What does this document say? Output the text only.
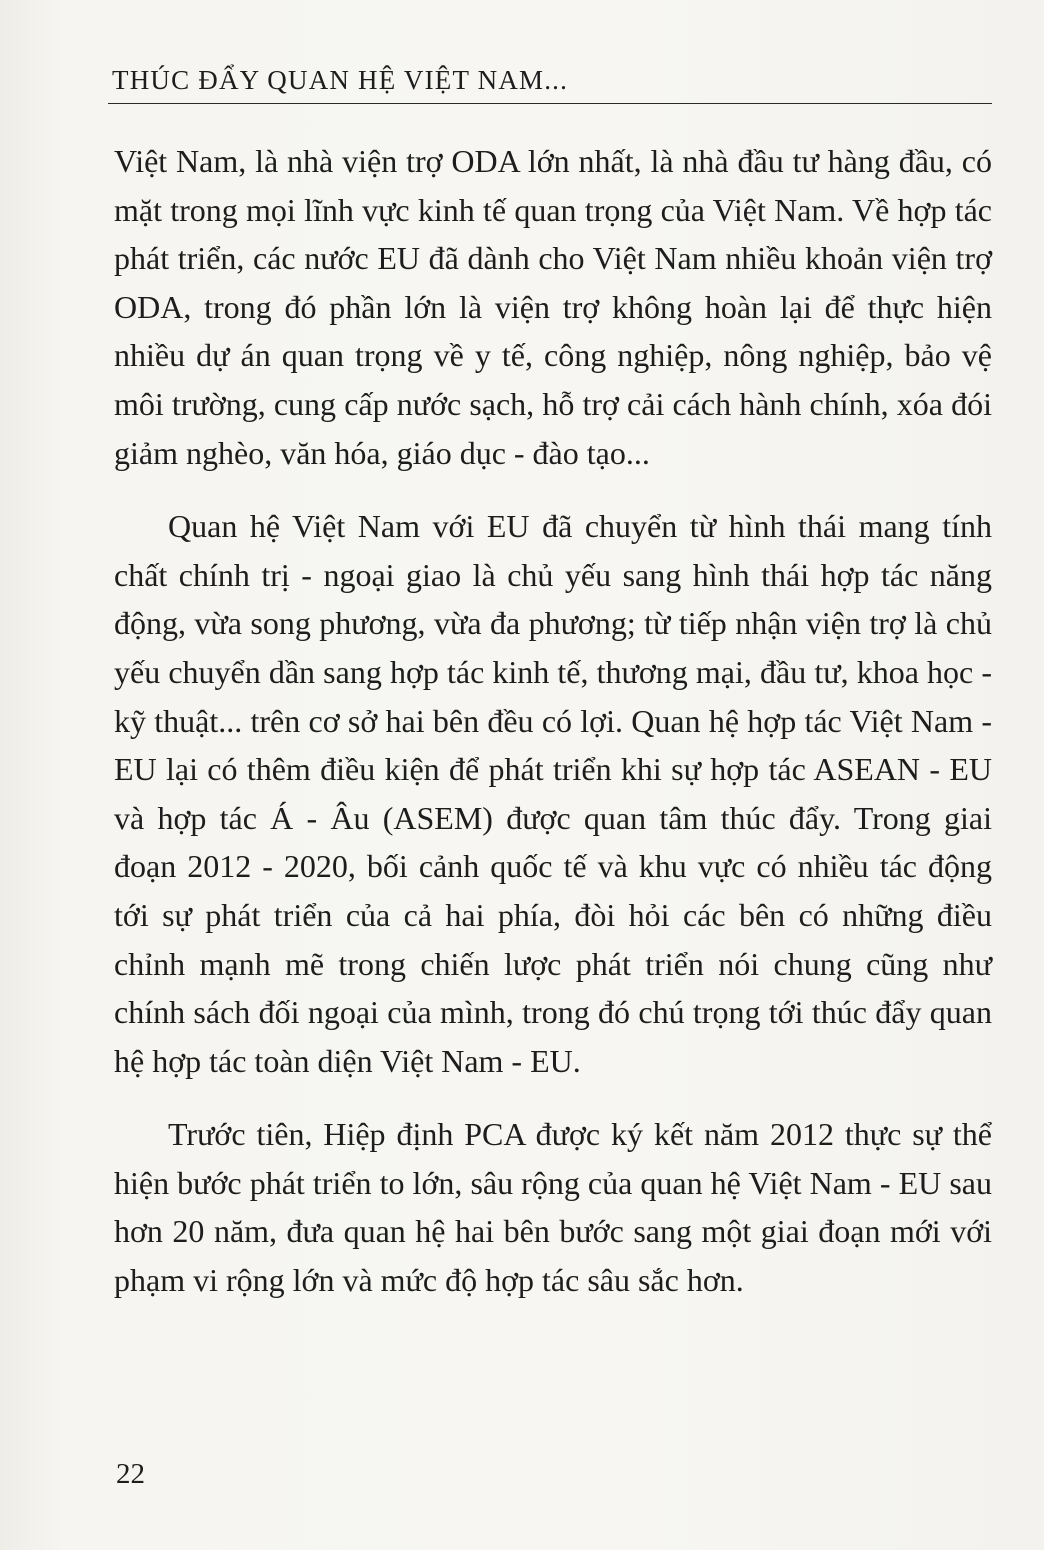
THÚC ĐẨY QUAN HỆ VIỆT NAM...

Việt Nam, là nhà viện trợ ODA lớn nhất, là nhà đầu tư hàng đầu, có mặt trong mọi lĩnh vực kinh tế quan trọng của Việt Nam. Về hợp tác phát triển, các nước EU đã dành cho Việt Nam nhiều khoản viện trợ ODA, trong đó phần lớn là viện trợ không hoàn lại để thực hiện nhiều dự án quan trọng về y tế, công nghiệp, nông nghiệp, bảo vệ môi trường, cung cấp nước sạch, hỗ trợ cải cách hành chính, xóa đói giảm nghèo, văn hóa, giáo dục - đào tạo...

Quan hệ Việt Nam với EU đã chuyển từ hình thái mang tính chất chính trị - ngoại giao là chủ yếu sang hình thái hợp tác năng động, vừa song phương, vừa đa phương; từ tiếp nhận viện trợ là chủ yếu chuyển dần sang hợp tác kinh tế, thương mại, đầu tư, khoa học - kỹ thuật... trên cơ sở hai bên đều có lợi. Quan hệ hợp tác Việt Nam - EU lại có thêm điều kiện để phát triển khi sự hợp tác ASEAN - EU và hợp tác Á - Âu (ASEM) được quan tâm thúc đẩy. Trong giai đoạn 2012 - 2020, bối cảnh quốc tế và khu vực có nhiều tác động tới sự phát triển của cả hai phía, đòi hỏi các bên có những điều chỉnh mạnh mẽ trong chiến lược phát triển nói chung cũng như chính sách đối ngoại của mình, trong đó chú trọng tới thúc đẩy quan hệ hợp tác toàn diện Việt Nam - EU.

Trước tiên, Hiệp định PCA được ký kết năm 2012 thực sự thể hiện bước phát triển to lớn, sâu rộng của quan hệ Việt Nam - EU sau hơn 20 năm, đưa quan hệ hai bên bước sang một giai đoạn mới với phạm vi rộng lớn và mức độ hợp tác sâu sắc hơn.

22
